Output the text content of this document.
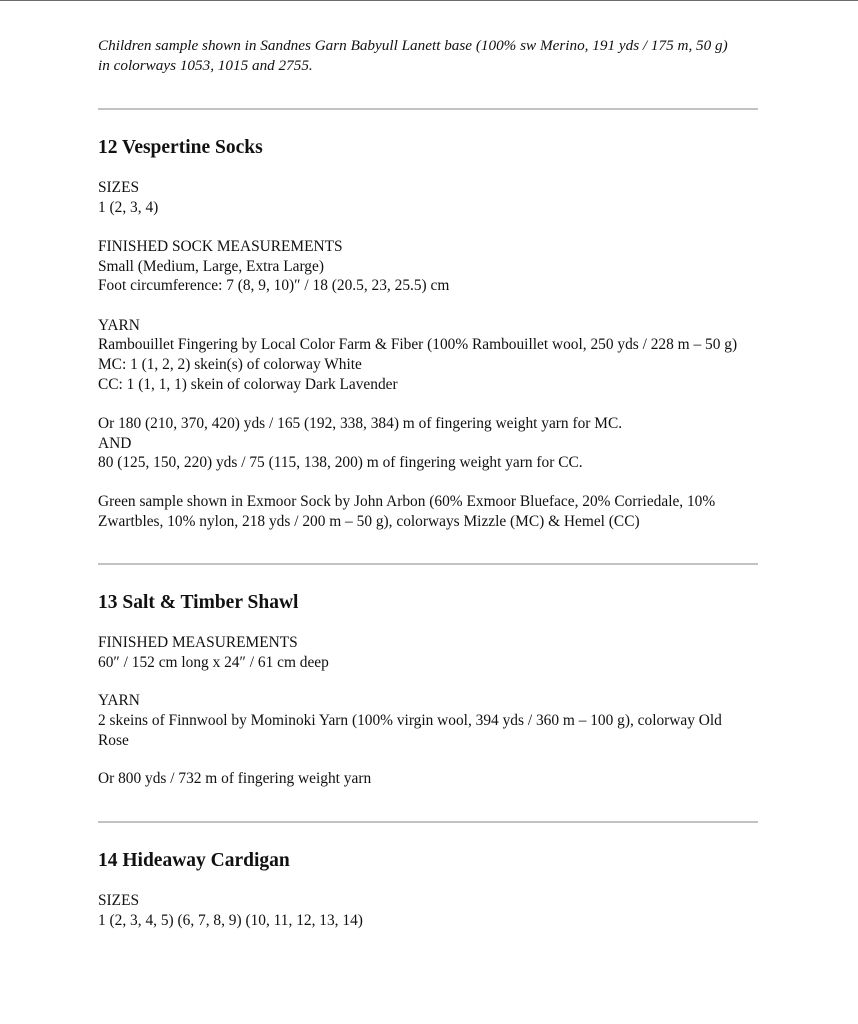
Children sample shown in Sandnes Garn Babyull Lanett base (100% sw Merino, 191 yds / 175 m, 50 g)

in colorways 1053, 1015 and 2755.

12 Vespertine Socks

SIZES

1 (2, 3, 4)

FINISHED SOCK MEASUREMENTS

Small (Medium, Large, Extra Large)

Foot circumference: 7 (8, 9, 10)″ / 18 (20.5, 23, 25.5) cm

YARN

Rambouillet Fingering by Local Color Farm & Fiber (100% Rambouillet wool, 250 yds / 228 m – 50 g)

MC: 1 (1, 2, 2) skein(s) of colorway White

CC: 1 (1, 1, 1) skein of colorway Dark Lavender

Or 180 (210, 370, 420) yds / 165 (192, 338, 384) m of fingering weight yarn for MC.

AND

80 (125, 150, 220) yds / 75 (115, 138, 200) m of fingering weight yarn for CC.

Green sample shown in Exmoor Sock by John Arbon (60% Exmoor Blueface, 20% Corriedale, 10%

Zwartbles, 10% nylon, 218 yds / 200 m – 50 g), colorways Mizzle (MC) & Hemel (CC)

13 Salt & Timber Shawl

FINISHED MEASUREMENTS

60″ / 152 cm long x 24″ / 61 cm deep

YARN

2 skeins of Finnwool by Mominoki Yarn (100% virgin wool, 394 yds / 360 m – 100 g), colorway Old

Rose

Or 800 yds / 732 m of fingering weight yarn

14 Hideaway Cardigan

SIZES

1 (2, 3, 4, 5) (6, 7, 8, 9) (10, 11, 12, 13, 14)
